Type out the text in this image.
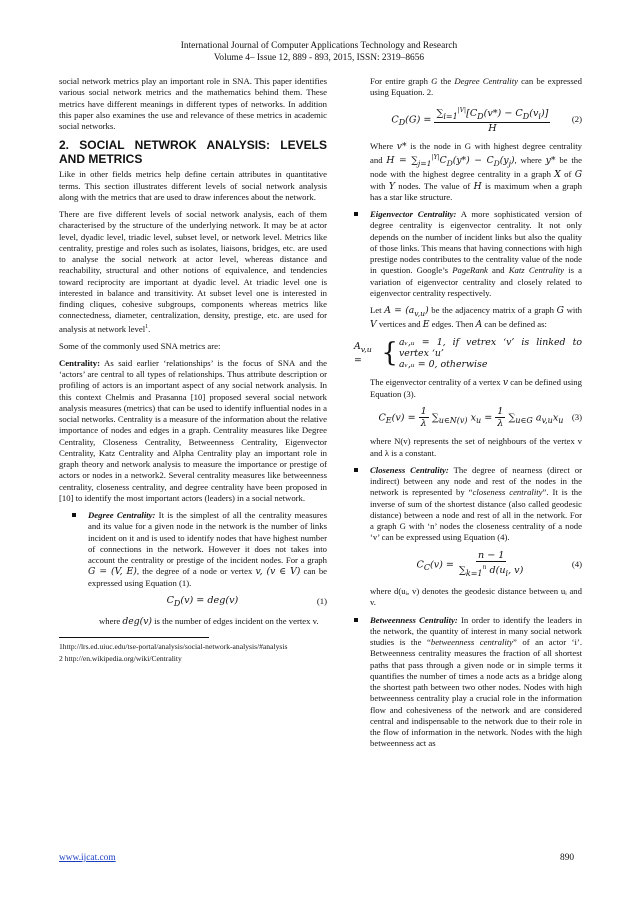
International Journal of Computer Applications Technology and Research
Volume 4– Issue 12, 889 - 893, 2015, ISSN: 2319–8656

social network metrics play an important role in SNA. This paper identifies various social network metrics and the mathematics behind them. These metrics have different meanings in different types of networks. In addition this paper also examines the use and relevance of these metrics in academic social networks.

2. SOCIAL NETWROK ANALYSIS: LEVELS AND METRICS

Like in other fields metrics help define certain attributes in quantitative terms. This section illustrates different levels of social network analysis along with the metrics that are used to draw inferences about the network.

There are five different levels of social network analysis, each of them characterised by the structure of the underlying network. It may be at actor level, dyadic level, triadic level, subset level, or network level. Metrics like centrality, prestige and roles such as isolates, liaisons, bridges, etc. are used to analyse the social network at actor level, whereas distance and reachability, structural and other notions of equivalence, and tendencies toward reciprocity are important at dyadic level. At triadic level one is interested in balance and transitivity. At subset level one is interested in finding cliques, cohesive subgroups, components whereas metrics like connectedness, diameter, centralization, density, prestige, etc. are used for analysis at network level$^1$.

Some of the commonly used SNA metrics are:

Centrality: As said earlier ‘relationships’ is the focus of SNA and the ‘actors’ are central to all types of relationships. Thus attribute description or profiling of actors is an important aspect of any social network analysis. In this context Chelmis and Prasanna [10] proposed several social network analysis measures (metrics) that can be used to identify influential nodes in a social networks. Centrality is a measure of the information about the relative importance of nodes and edges in a graph. Centrality measures like Degree Centrality, Closeness Centrality, Betweenness Centrality, Eigenvector Centrality, Katz Centrality and Alpha Centrality play an important role in graph theory and network analysis to measure the importance or prestige of actors or nodes in a network2. Several centrality measures like betweenness centrality, closeness centrality, and degree centrality have been proposed in [10] to identify the most important actors (leaders) in a social network.

Degree Centrality: It is the simplest of all the centrality measures and its value for a given node in the network is the number of links incident on it and is used to identify nodes that have highest number of connections in the network. However it does not takes into account the centrality or prestige of the incident nodes. For a graph G = (V, E), the degree of a node or vertex v, (v ∈ V) can be expressed using Equation (1).
$C_D(v) = deg(v)$	(1)

where deg(v) is the number of edges incident on the vertex v.

1http://lrs.ed.uiuc.edu/tse-portal/analysis/social-network-analysis/#analysis
2 http://en.wikipedia.org/wiki/Centrality

For entire graph G the Degree Centrality can be expressed using Equation. 2.

$C_D(G) = \frac{\sum_{i=1}^{|V|}[C_D(v*) - C_D(v_i)]}{H} (2)$

Where v* is the node in G with highest degree centrality and $H = \sum_{j=1}^{|Y|}C_D(y*) - C_D(y_j)$, where y* be the node with the highest degree centrality in a graph X of G with Y nodes. The value of H is maximum when a graph has a star like structure.

Eigenvector Centrality: A more sophisticated version of degree centrality is eigenvector centrality. It not only depends on the number of incident links but also the quality of those links. This means that having connections with high prestige nodes contributes to the centrality value of the node in question. Google’s PageRank and Katz Centrality is a variation of eigenvector centrality and closely related to eigenvector centrality respectively.

Let $A = (a_{v,u})$ be the adjacency matrix of a graph G with V vertices and E edges. Then A can be defined as:

$A_{v,u}$ = { aᵥ,ᵤ = 1, if vetrex ‘v’ is linked to vertex ‘u’
aᵥ,ᵤ = 0, otherwise

The eigenvector centrality of a vertex v can be defined using Equation (3).

$C_E(v) = \frac{1}{\lambda} \sum_{u\in N(v)}$ $x_u = \frac{1}{\lambda} \sum_{u\in G}$ $a_{v,u}x_u$ (3)

where N(v) represents the set of neighbours of the vertex v and λ is a constant.

Closeness Centrality: The degree of nearness (direct or indirect) between any node and rest of the nodes in the network is represented by “closeness centrality”. It is the inverse of sum of the shortest distance (also called geodesic distance) between a node and rest of all in the network. For a graph G with ‘n’ nodes the closeness centrality of a node ‘v’ can be expressed using Equation (4).
$C_C(v) = \frac{n - 1}{\sum_{k=1}^n d(u_i, v)}$	(4)

where d(uᵢ, v) denotes the geodesic distance between uᵢ and v.

Betweenness Centrality: In order to identify the leaders in the network, the quantity of interest in many social network studies is the “betweenness centrality” of an actor ‘i’. Betweenness centrality measures the fraction of all shortest paths that pass through a given node or in simple terms it quantifies the number of times a node acts as a bridge along the shortest path between two other nodes. Nodes with high betweenness centrality play a crucial role in the information flow and cohesiveness of the network and are considered central and indispensable to the network due to their role in the flow of information in the network. Nodes with the high betweenness act as
www.ijcat.com	890
